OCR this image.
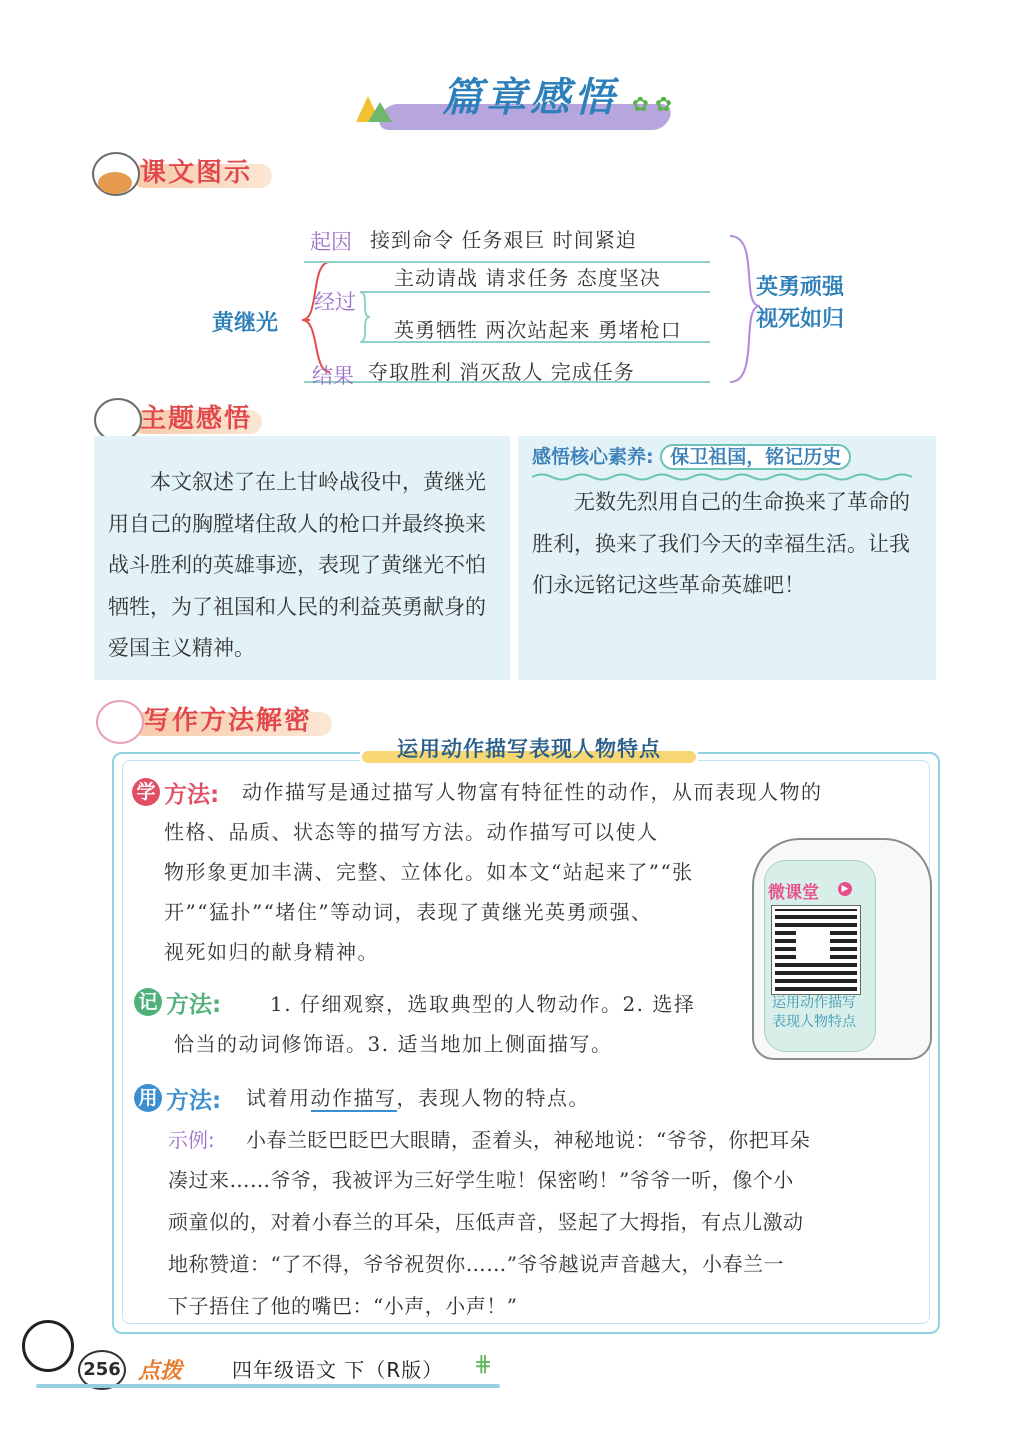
篇章感悟 ✿ ✿
课文图示
黄继光
起因 接到命令 任务艰巨 时间紧迫
经过
主动请战 请求任务 态度坚决
英勇牺牲 两次站起来 勇堵枪口
结果 夺取胜利 消灭敌人 完成任务
英勇顽强
视死如归
主题感悟

本文叙述了在上甘岭战役中，黄继光用自己的胸膛堵住敌人的枪口并最终换来战斗胜利的英雄事迹，表现了黄继光不怕牺牲，为了祖国和人民的利益英勇献身的爱国主义精神。

感悟核心素养: 保卫祖国，铭记历史

无数先烈用自己的生命换来了革命的胜利，换来了我们今天的幸福生活。让我们永远铭记这些革命英雄吧！

写作方法解密
运用动作描写表现人物特点
学 方法: 动作描写是通过描写人物富有特征性的动作，从而表现人物的
性格、品质、状态等的描写方法。动作描写可以使人
物形象更加丰满、完整、立体化。如本文“站起来了”“张
开”“猛扑”“堵住”等动词，表现了黄继光英勇顽强、
视死如归的献身精神。
微课堂	▶
运用动作描写表现人物特点
记 方法: 1. 仔细观察，选取典型的人物动作。2. 选择
恰当的动词修饰语。3. 适当地加上侧面描写。
用 方法: 试着用动作描写，表现人物的特点。
示例: 小春兰眨巴眨巴大眼睛，歪着头，神秘地说：“爷爷，你把耳朵
凑过来……爷爷，我被评为三好学生啦！保密哟！”爷爷一听，像个小
顽童似的，对着小春兰的耳朵，压低声音，竖起了大拇指，有点儿激动
地称赞道：“了不得，爷爷祝贺你……”爷爷越说声音越大，小春兰一
下子捂住了他的嘴巴：“小声，小声！”
256 点拨 四年级语文 下（R版） ⋕
